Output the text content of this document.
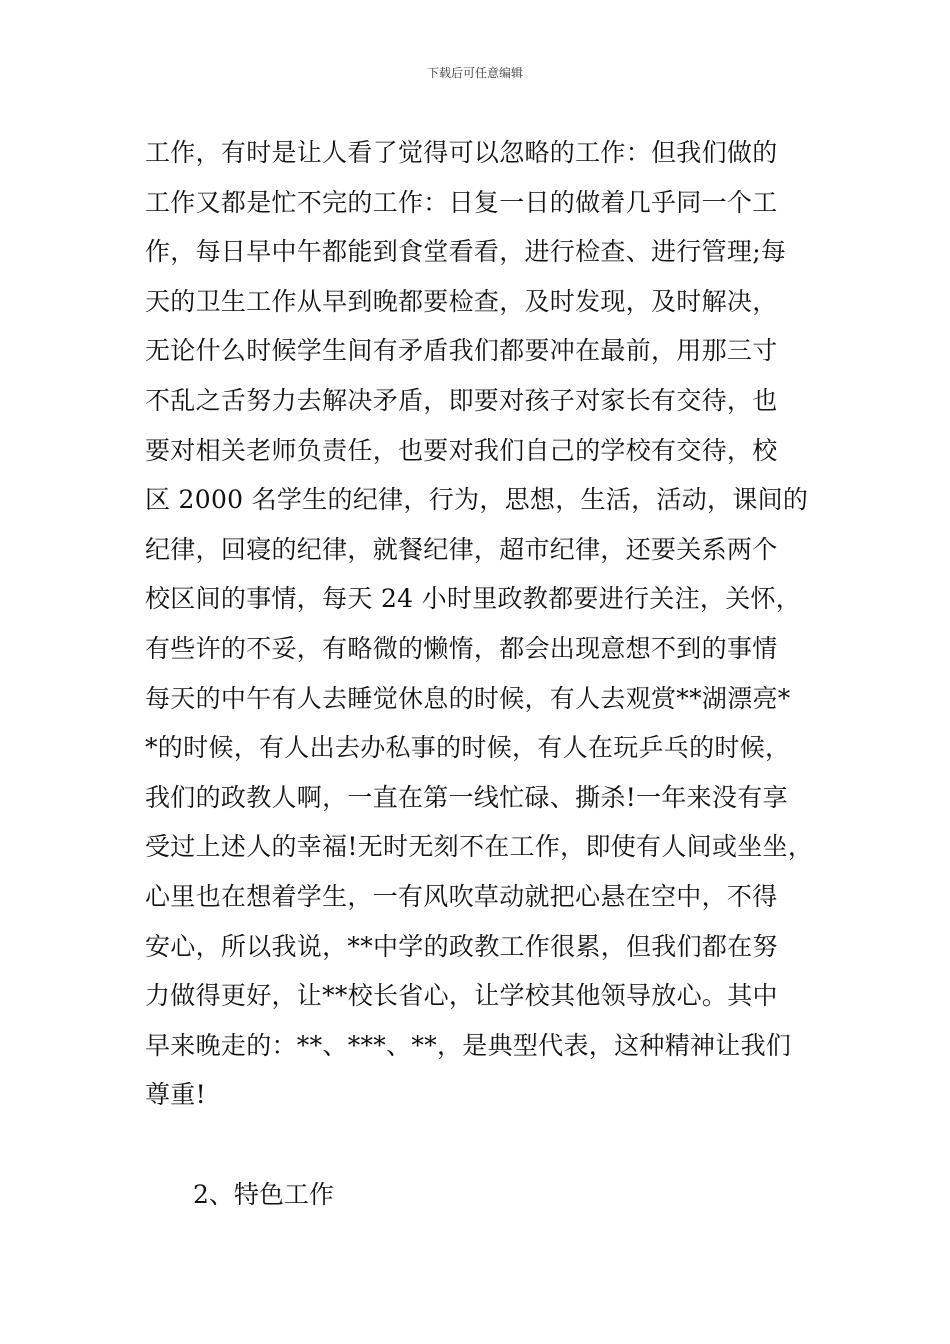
下载后可任意编辑
工作，有时是让人看了觉得可以忽略的工作：但我们做的
工作又都是忙不完的工作：日复一日的做着几乎同一个工
作，每日早中午都能到食堂看看，进行检查、进行管理;每
天的卫生工作从早到晚都要检查，及时发现，及时解决，
无论什么时候学生间有矛盾我们都要冲在最前，用那三寸
不乱之舌努力去解决矛盾，即要对孩子对家长有交待，也
要对相关老师负责任，也要对我们自己的学校有交待，校
区 2000 名学生的纪律，行为，思想，生活，活动，课间的
纪律，回寝的纪律，就餐纪律，超市纪律，还要关系两个
校区间的事情，每天 24 小时里政教都要进行关注，关怀，
有些许的不妥，有略微的懒惰，都会出现意想不到的事情
每天的中午有人去睡觉休息的时候，有人去观赏**湖漂亮*
*的时候，有人出去办私事的时候，有人在玩乒乓的时候，
我们的政教人啊，一直在第一线忙碌、撕杀!一年来没有享
受过上述人的幸福!无时无刻不在工作，即使有人间或坐坐，
心里也在想着学生，一有风吹草动就把心悬在空中，不得
安心，所以我说，**中学的政教工作很累，但我们都在努
力做得更好，让**校长省心，让学校其他领导放心。其中
早来晚走的：**、***、**，是典型代表，这种精神让我们
尊重!
2、特色工作
